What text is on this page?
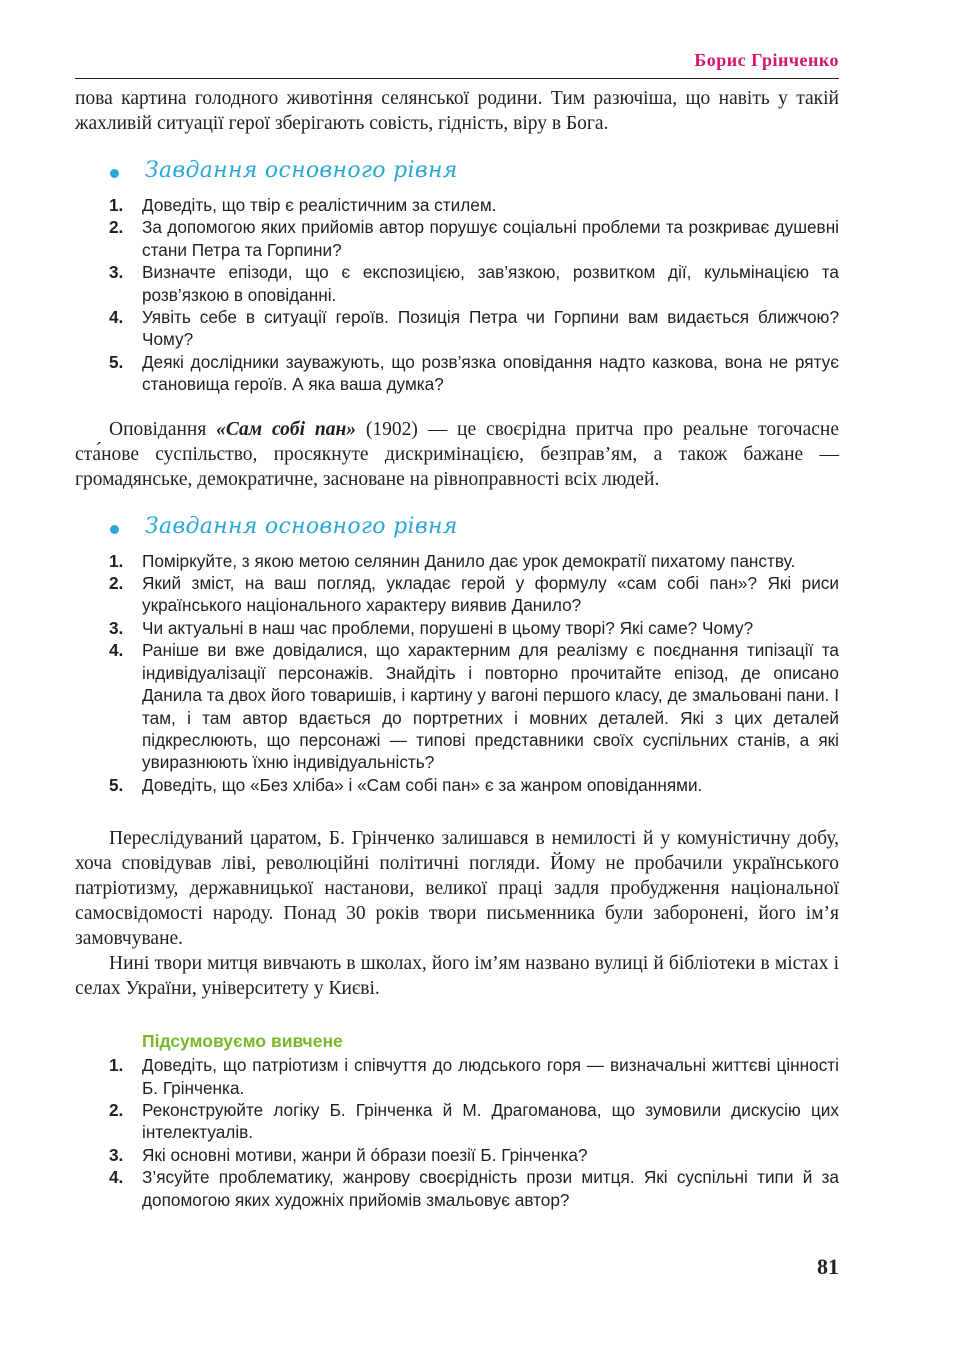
Борис Грінченко

пова картина голодного животіння селянської родини. Тим разючіша, що навіть у такій жахливій ситуації герої зберігають совість, гідність, віру в Бога.

Завдання основного рівня
1. Доведіть, що твір є реалістичним за стилем.
2. За допомогою яких прийомів автор порушує соціальні проблеми та розкриває душевні стани Петра та Горпини?
3. Визначте епізоди, що є експозицією, зав’язкою, розвитком дії, кульмінацією та розв’язкою в оповіданні.
4. Уявіть себе в ситуації героїв. Позиція Петра чи Горпини вам видається ближчою? Чому?
5. Деякі дослідники зауважують, що розв’язка оповідання надто казкова, вона не рятує становища героїв. А яка ваша думка?

Оповідання «Сам собі пан» (1902) — це своєрідна притча про реальне тогочасне ста́нове суспільство, просякнуте дискримінацією, безправ’ям, а також бажане — громадянське, демократичне, засноване на рівноправності всіх людей.

Завдання основного рівня
1. Поміркуйте, з якою метою селянин Данило дає урок демократії пихатому панству.
2. Який зміст, на ваш погляд, укладає герой у формулу «сам собі пан»? Які риси українського національного характеру виявив Данило?
3. Чи актуальні в наш час проблеми, порушені в цьому творі? Які саме? Чому?
4. Раніше ви вже довідалися, що характерним для реалізму є поєднання типізації та індивідуалізації персонажів. Знайдіть і повторно прочитайте епізод, де описано Данила та двох його товаришів, і картину у вагоні першого класу, де змальовані пани. І там, і там автор вдається до портретних і мовних деталей. Які з цих деталей підкреслюють, що персонажі — типові представники своїх суспільних станів, а які увиразнюють їхню індивідуальність?
5. Доведіть, що «Без хліба» і «Сам собі пан» є за жанром оповіданнями.

Переслідуваний царатом, Б. Грінченко залишався в немилості й у комуністичну добу, хоча сповідував ліві, революційні політичні погляди. Йому не пробачили українського патріотизму, державницької настанови, великої праці задля пробудження національної самосвідомості народу. Понад 30 років твори письменника були заборонені, його ім’я замовчуване.

Нині твори митця вивчають в школах, його ім’ям названо вулиці й бібліотеки в містах і селах України, університету у Києві.

Підсумовуємо вивчене
1. Доведіть, що патріотизм і співчуття до людського горя — визначальні життєві цінності Б. Грінченка.
2. Реконструюйте логіку Б. Грінченка й М. Драгоманова, що зумовили дискусію цих інтелектуалів.
3. Які основні мотиви, жанри й о́брази поезії Б. Грінченка?
4. З’ясуйте проблематику, жанрову своєрідність прози митця. Які суспільні типи й за допомогою яких художніх прийомів змальовує автор?
81
